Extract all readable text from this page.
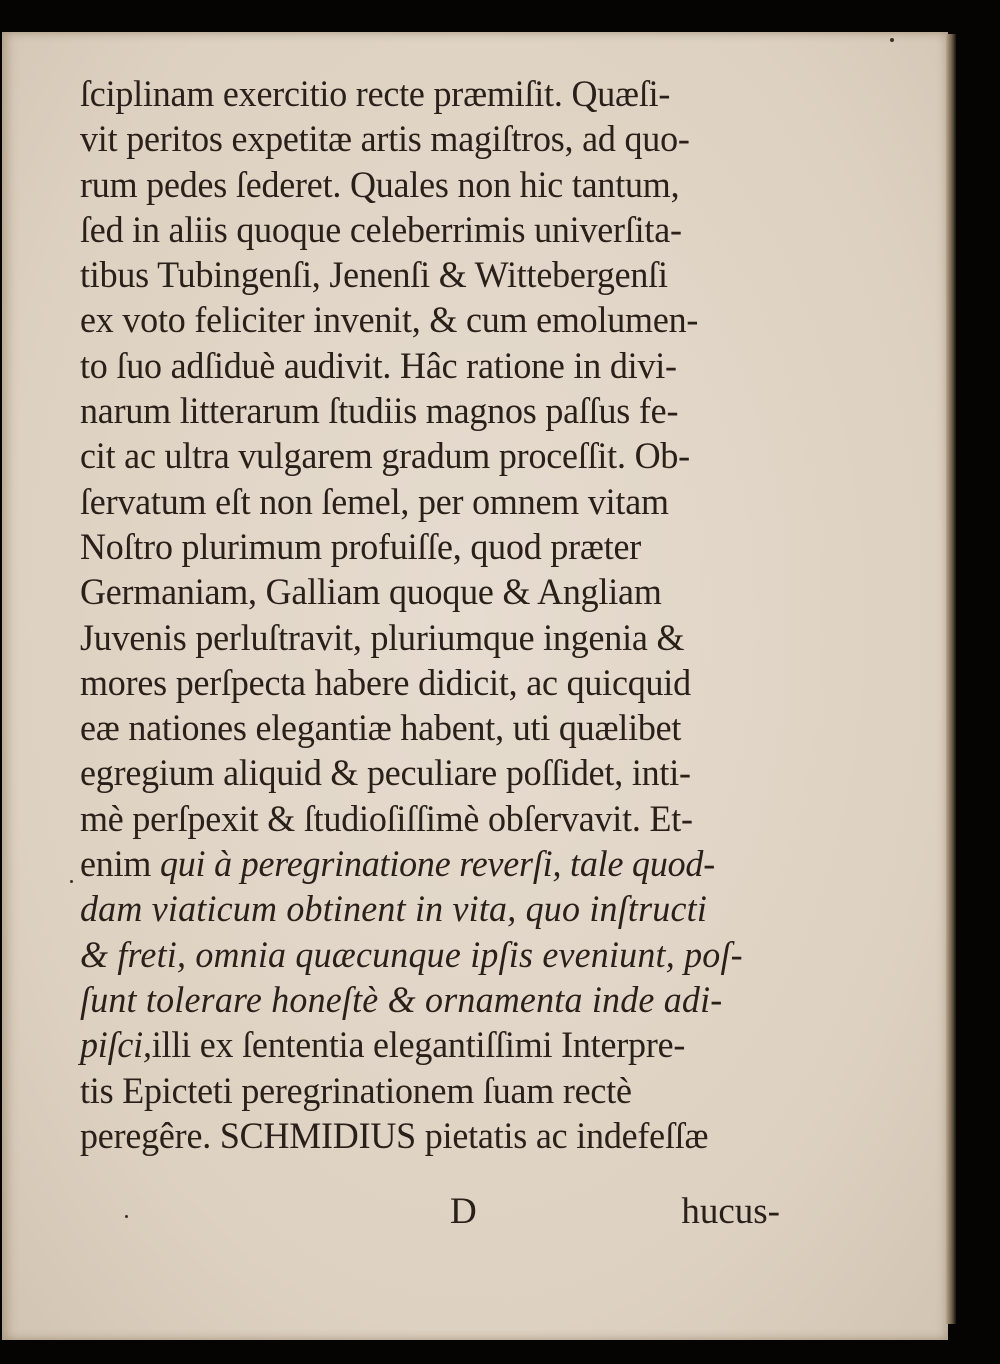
ſciplinam exercitio recte præmiſit. Quæſi-
vit peritos expetitæ artis magiſtros, ad quo-
rum pedes ſederet. Quales non hic tantum,
ſed in aliis quoque celeberrimis univerſita-
tibus Tubingenſi, Jenenſi & Wittebergenſi
ex voto feliciter invenit, & cum emolumen-
to ſuo adſiduè audivit. Hâc ratione in divi-
narum litterarum ſtudiis magnos paſſus fe-
cit ac ultra vulgarem gradum proceſſit. Ob-
ſervatum eſt non ſemel, per omnem vitam
Noſtro plurimum profuiſſe, quod præter
Germaniam, Galliam quoque & Angliam
Juvenis perluſtravit, pluriumque ingenia &
mores perſpecta habere didicit, ac quicquid
eæ nationes elegantiæ habent, uti quælibet
egregium aliquid & peculiare poſſidet, inti-
mè perſpexit & ſtudioſiſſimè obſervavit. Et-
enim qui à peregrinatione reverſi, tale quod-
dam viaticum obtinent in vita, quo inſtructi
& freti, omnia quæcunque ipſis eveniunt, poſ-
ſunt tolerare honeſtè & ornamenta inde adi-
piſci,illi ex ſententia elegantiſſimi Interpre-
tis Epicteti peregrinationem ſuam rectè
peregêre. SCHMIDIUS pietatis ac indefeſſæ
D	hucus-
